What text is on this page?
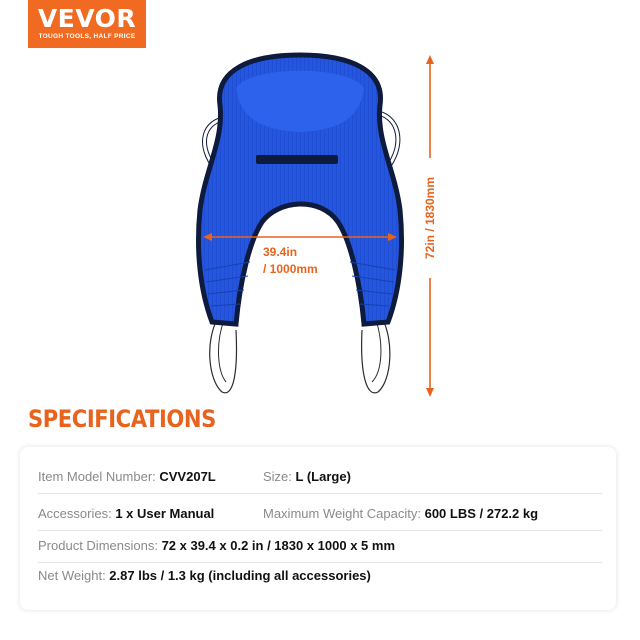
VEVOR
TOUGH TOOLS, HALF PRICE
39.4in
/ 1000mm
72in / 1830mm
SPECIFICATIONS
Item Model Number: CVV207L	Size: L (Large)
Accessories: 1 x User Manual	Maximum Weight Capacity: 600 LBS / 272.2 kg
Product Dimensions: 72 x 39.4 x 0.2 in / 1830 x 1000 x 5 mm
Net Weight: 2.87 lbs / 1.3 kg (including all accessories)
